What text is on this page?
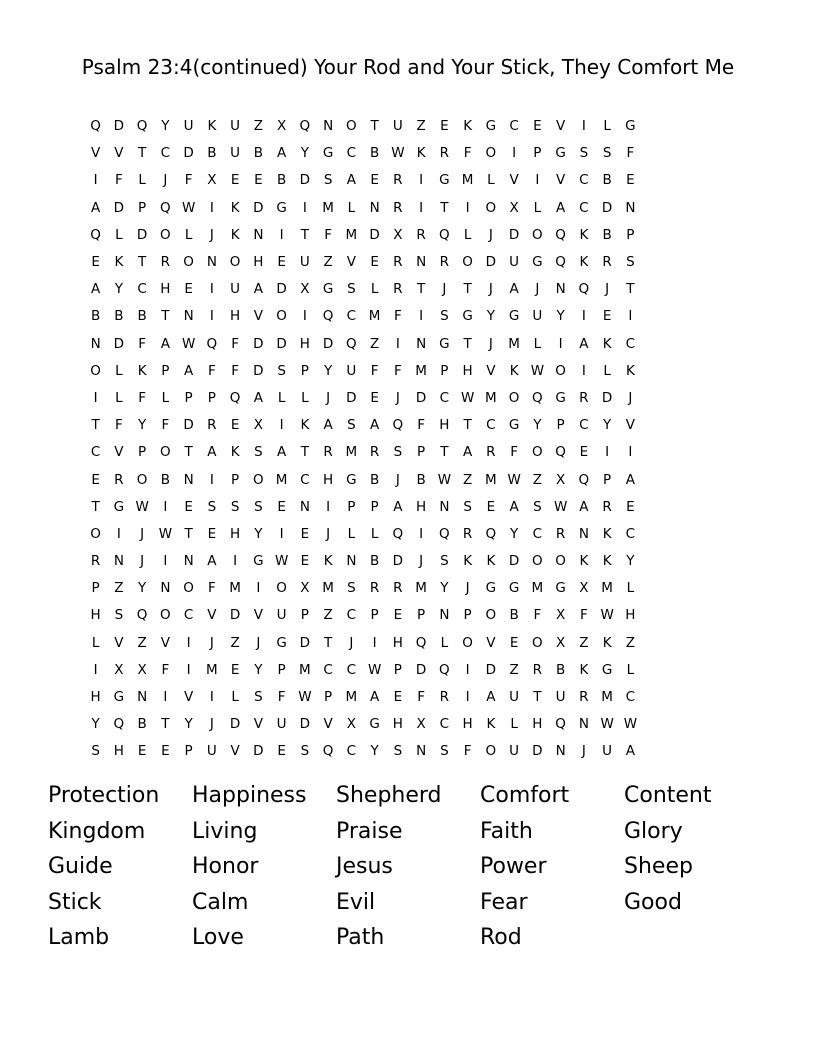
Psalm 23:4(continued) Your Rod and Your Stick, They Comfort Me
Q D Q	Y	U	K	U	Z	X Q N O	T	U	Z	E	K	G C	E	V	I	L	G
V	V	T	C D B	U	B	A	Y	G C	B W K	R	F	O	I	P	G	S	S	F
I	F	L	J	F	X	E	E	B D	S	A	E	R	I	G M	L	V	I	V	C	B	E
A D	P	Q W	I	K	D G	I	M	L	N	R	I	T	I	O X	L	A	C D N
Q	L	D O	L	J	K	N	I	T	F	M D X	R Q	L	J	D O Q	K	B	P
E	K	T	R O N O H	E	U	Z	V	E	R	N	R O D U G Q	K	R	S
A	Y	C H	E	I	U	A D X G	S	L	R	T	J	T	J	A	J	N Q	J	T
B	B	B	T	N	I	H	V O	I	Q C M	F	I	S	G	Y	G U	Y	I	E	I
N D	F	A W Q	F	D D H D Q Z	I	N G	T	J	M	L	I	A	K	C
O	L	K	P	A	F	F	D	S	P	Y	U	F	F	M P	H	V	K W O	I	L	K
I	L	F	L	P	P	Q A	L	L	J	D	E	J	D C W M O Q G R D	J
T	F	Y	F	D R	E	X	I	K	A	S	A Q	F	H	T	C G	Y	P	C	Y	V
C	V	P	O	T	A	K	S	A	T	R M R	S	P	T	A	R	F	O Q	E	I	I
E	R O B	N	I	P	O M C H G B	J	B W Z M W Z	X Q	P	A
T	G W	I	E	S	S	S	E	N	I	P	P	A	H N	S	E	A	S W A	R	E
O	I	J	W T	E	H	Y	I	E	J	L	L	Q	I	Q R Q	Y	C	R	N	K	C
R	N	J	I	N	A	I	G W E	K	N	B D	J	S	K	K	D O O	K	K	Y
P	Z	Y	N O	F	M	I	O X M S	R	R M Y	J	G G M G X M	L
H	S	Q O C	V D V	U	P	Z	C	P	E	P	N	P	O B	F	X	F W H
L	V	Z	V	I	J	Z	J	G D	T	J	I	H Q	L	O V	E	O X	Z	K	Z
I	X	X	F	I	M E	Y	P M C	C W P	D Q	I	D Z	R	B	K	G	L
H G N	I	V	I	L	S	F W P M A	E	F	R	I	A	U	T	U	R M C
Y	Q B	T	Y	J	D V	U D V	X G H	X	C H	K	L	H Q N W W
S	H	E	E	P	U	V D	E	S	Q C	Y	S	N	S	F	O U D N	J	U	A
Protection	Happiness	Shepherd	Comfort	Content
Kingdom	Living	Praise	Faith	Glory
Guide	Honor	Jesus	Power	Sheep
Stick	Calm	Evil	Fear	Good
Lamb	Love	Path	Rod
